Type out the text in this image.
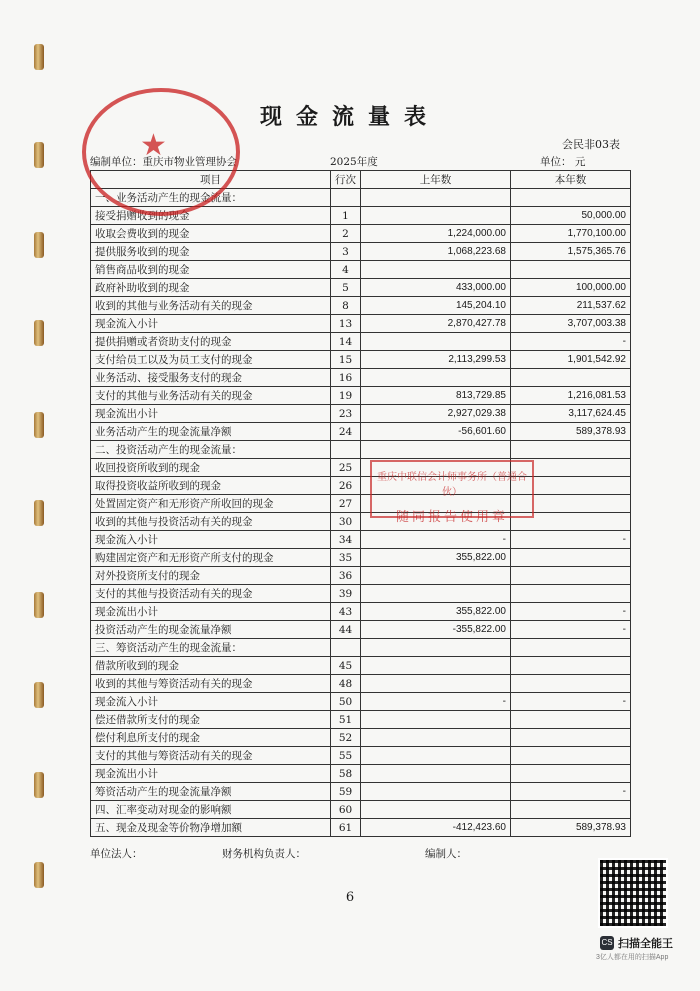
现金流量表
会民非03表
编制单位：重庆市物业管理协会	2025年度	单位： 元
项目	行次	上年数	本年数
一、业务活动产生的现金流量：			
接受捐赠收到的现金	1		50,000.00
收取会费收到的现金	2	1,224,000.00	1,770,100.00
提供服务收到的现金	3	1,068,223.68	1,575,365.76
销售商品收到的现金	4		
政府补助收到的现金	5	433,000.00	100,000.00
收到的其他与业务活动有关的现金	8	145,204.10	211,537.62
现金流入小计	13	2,870,427.78	3,707,003.38
提供捐赠或者资助支付的现金	14		-
支付给员工以及为员工支付的现金	15	2,113,299.53	1,901,542.92
业务活动、接受服务支付的现金	16		
支付的其他与业务活动有关的现金	19	813,729.85	1,216,081.53
现金流出小计	23	2,927,029.38	3,117,624.45
业务活动产生的现金流量净额	24	-56,601.60	589,378.93
二、投资活动产生的现金流量：			
收回投资所收到的现金	25		
取得投资收益所收到的现金	26		
处置固定资产和无形资产所收回的现金	27		
收到的其他与投资活动有关的现金	30		
现金流入小计	34	-	-
购建固定资产和无形资产所支付的现金	35	355,822.00	
对外投资所支付的现金	36		
支付的其他与投资活动有关的现金	39		
现金流出小计	43	355,822.00	-
投资活动产生的现金流量净额	44	-355,822.00	-
三、筹资活动产生的现金流量：			
借款所收到的现金	45		
收到的其他与筹资活动有关的现金	48		
现金流入小计	50	-	-
偿还借款所支付的现金	51		
偿付利息所支付的现金	52		
支付的其他与筹资活动有关的现金	55		
现金流出小计	58		
筹资活动产生的现金流量净额	59		-
四、汇率变动对现金的影响额	60		
五、现金及现金等价物净增加额	61	-412,423.60	589,378.93
★
重庆中联信会计师事务所（普通合伙）
随同报告使用章
单位法人：	财务机构负责人：	编制人：
6
CS 扫描全能王
3亿人都在用的扫描App
